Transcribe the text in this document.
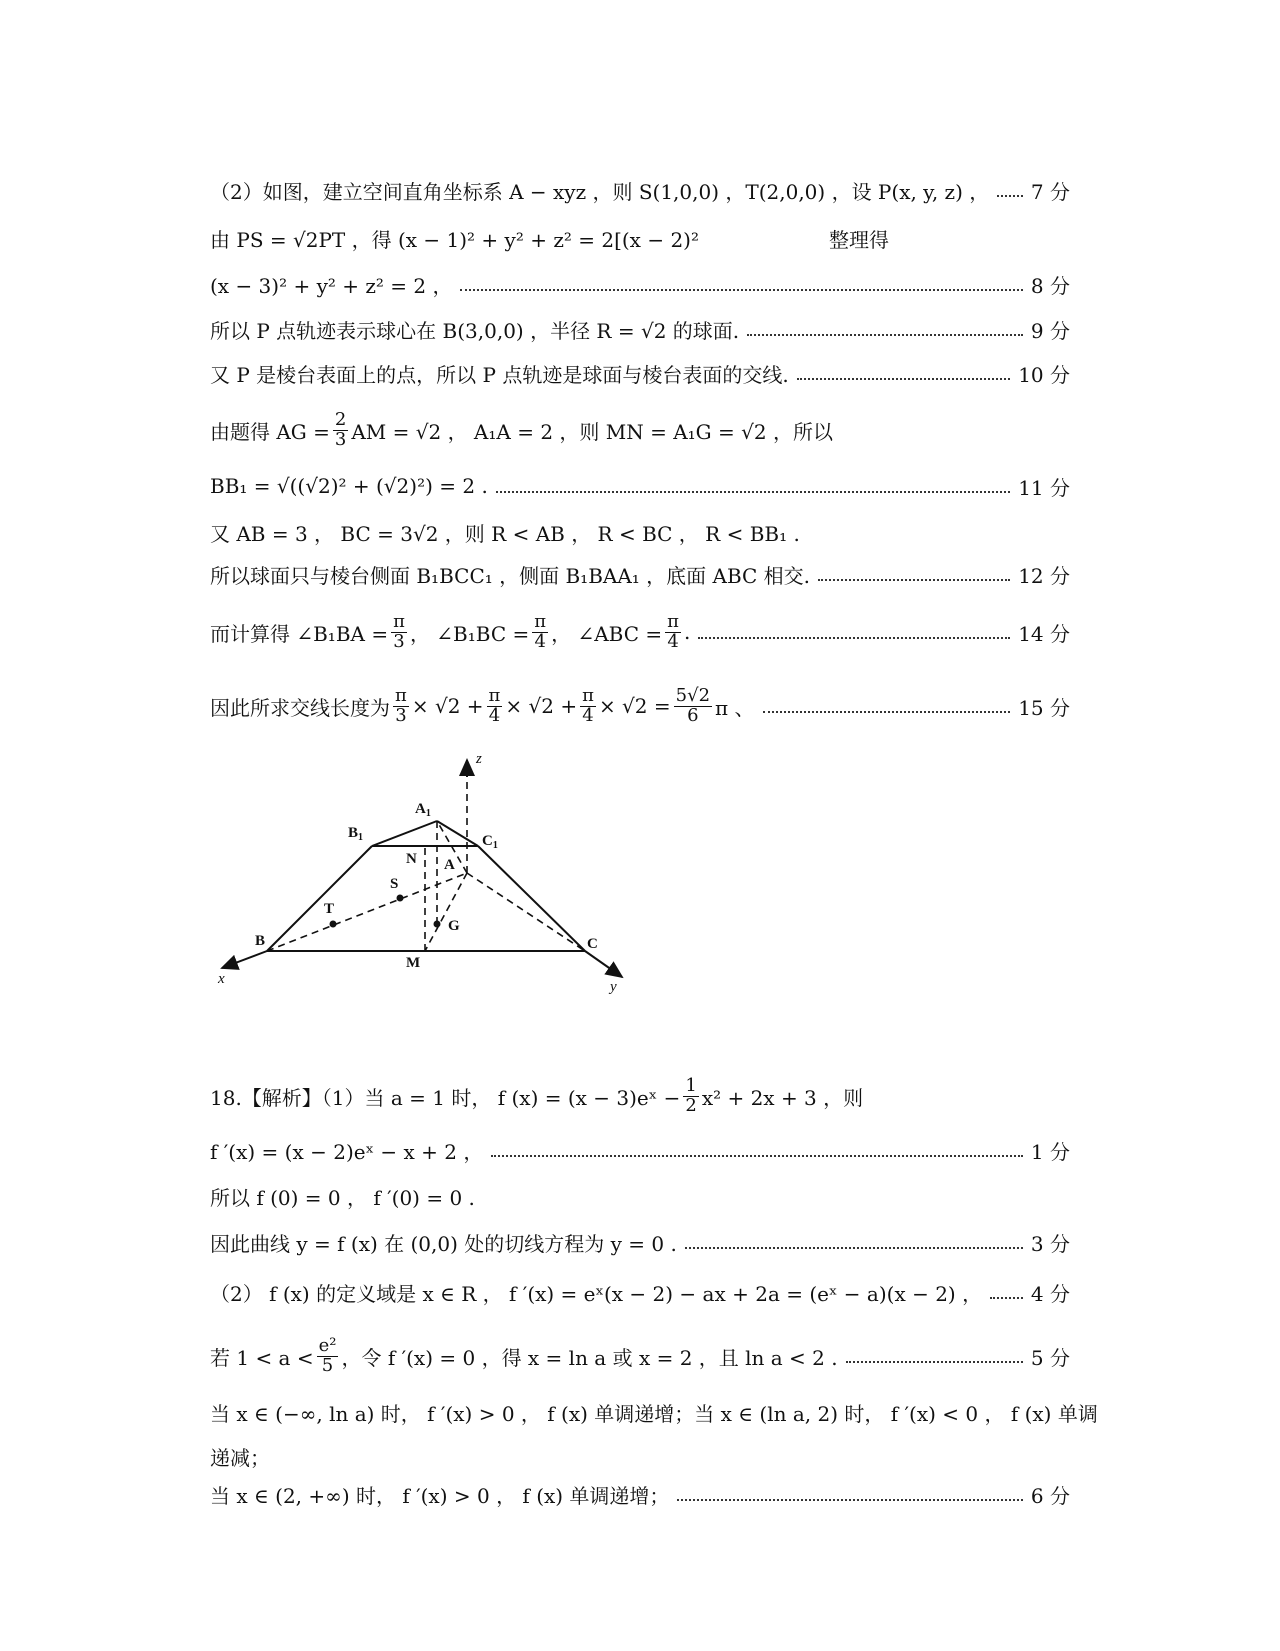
（2）如图，建立空间直角坐标系 A − xyz ，则 S(1,0,0) ，T(2,0,0) ，设 P(x, y, z) ， 7 分
由 PS = √2PT ，得 (x − 1)² + y² + z² = 2[(x − 2)²	整理得
(x − 3)² + y² + z² = 2 ，	8 分
所以 P 点轨迹表示球心在 B(3,0,0) ，半径 R = √2 的球面.	9 分
又 P 是棱台表面上的点，所以 P 点轨迹是球面与棱台表面的交线.	10 分
由题得 AG = $\frac{2}{3}$ AM = √2 ， A₁A = 2 ，则 MN = A₁G = √2 ，所以
BB₁ = √((√2)² + (√2)²) = 2 .	11 分
又 AB = 3 ， BC = 3√2 ，则 R < AB ， R < BC ， R < BB₁ .
所以球面只与棱台侧面 B₁BCC₁ ，侧面 B₁BAA₁ ，底面 ABC 相交.	12 分
而计算得 ∠B₁BA = $\frac{\pi}{3}$ ， ∠B₁BC = $\frac{\pi}{4}$ ， ∠ABC = $\frac{\pi}{4}$ .	14 分
因此所求交线长度为 $\frac{\pi}{3} \times √2 + \frac{\pi}{4} \times √2 + \frac{\pi}{4} \times √2 = \frac{5√2}{6}$ π 、	15 分
z
$A_1$
$B_1$	$C_1$
N A
S
T
G
B	C
M
x	y
18.【解析】（1）当 a = 1 时， f (x) = (x − 3)eˣ − $\frac{1}{2} x^2 + 2x + 3$ ，则
f ′(x) = (x − 2)eˣ − x + 2 ，	1 分
所以 f (0) = 0 ， f ′(0) = 0 .
因此曲线 y = f (x) 在 (0,0) 处的切线方程为 y = 0 .	3 分
（2） f (x) 的定义域是 x ∈ R ， f ′(x) = eˣ(x − 2) − ax + 2a = (eˣ − a)(x − 2) ， 4 分
若 $1 < a < \frac{\text{e²}}{5}$ ，令 f ′(x) = 0 ，得 x = ln a 或 x = 2 ，且 ln a < 2 .	5 分
当 x ∈ (−∞, ln a) 时， f ′(x) > 0 ， f (x) 单调递增；当 x ∈ (ln a, 2) 时， f ′(x) < 0 ， f (x) 单调
递减；
当 x ∈ (2, +∞) 时， f ′(x) > 0 ， f (x) 单调递增；	6 分
